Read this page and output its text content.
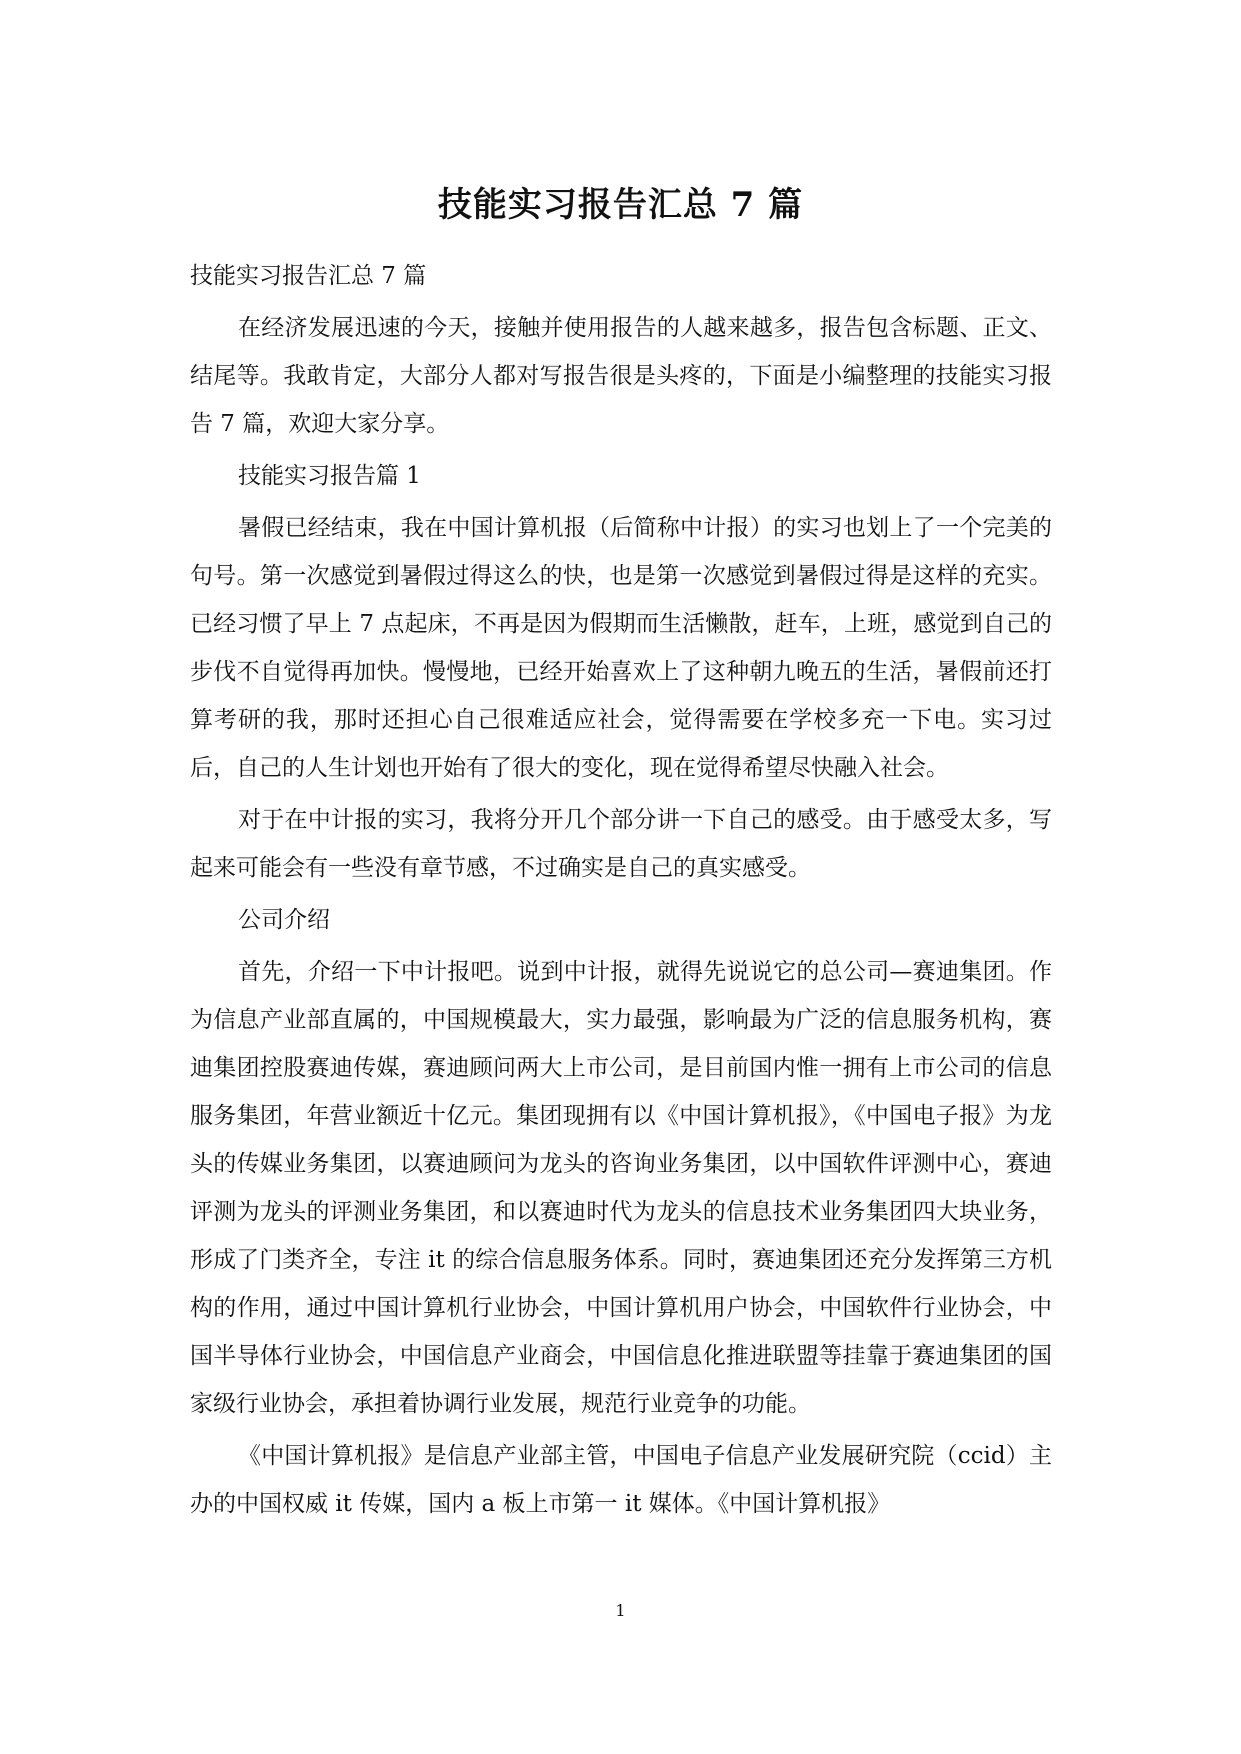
技能实习报告汇总 7 篇

技能实习报告汇总 7 篇

在经济发展迅速的今天，接触并使用报告的人越来越多，报告包含标题、正文、结尾等。我敢肯定，大部分人都对写报告很是头疼的，下面是小编整理的技能实习报告 7 篇，欢迎大家分享。

技能实习报告篇 1

暑假已经结束，我在中国计算机报（后简称中计报）的实习也划上了一个完美的句号。第一次感觉到暑假过得这么的快，也是第一次感觉到暑假过得是这样的充实。已经习惯了早上 7 点起床，不再是因为假期而生活懒散，赶车，上班，感觉到自己的步伐不自觉得再加快。慢慢地，已经开始喜欢上了这种朝九晚五的生活，暑假前还打算考研的我，那时还担心自己很难适应社会，觉得需要在学校多充一下电。实习过后，自己的人生计划也开始有了很大的变化，现在觉得希望尽快融入社会。

对于在中计报的实习，我将分开几个部分讲一下自己的感受。由于感受太多，写起来可能会有一些没有章节感，不过确实是自己的真实感受。

公司介绍

首先，介绍一下中计报吧。说到中计报，就得先说说它的总公司—赛迪集团。作为信息产业部直属的，中国规模最大，实力最强，影响最为广泛的信息服务机构，赛迪集团控股赛迪传媒，赛迪顾问两大上市公司，是目前国内惟一拥有上市公司的信息服务集团，年营业额近十亿元。集团现拥有以《中国计算机报》，《中国电子报》为龙头的传媒业务集团，以赛迪顾问为龙头的咨询业务集团，以中国软件评测中心，赛迪评测为龙头的评测业务集团，和以赛迪时代为龙头的信息技术业务集团四大块业务，形成了门类齐全，专注 it 的综合信息服务体系。同时，赛迪集团还充分发挥第三方机构的作用，通过中国计算机行业协会，中国计算机用户协会，中国软件行业协会，中国半导体行业协会，中国信息产业商会，中国信息化推进联盟等挂靠于赛迪集团的国家级行业协会，承担着协调行业发展，规范行业竞争的功能。

《中国计算机报》是信息产业部主管，中国电子信息产业发展研究院（ccid）主办的中国权威 it 传媒，国内 a 板上市第一 it 媒体。《中国计算机报》

1
